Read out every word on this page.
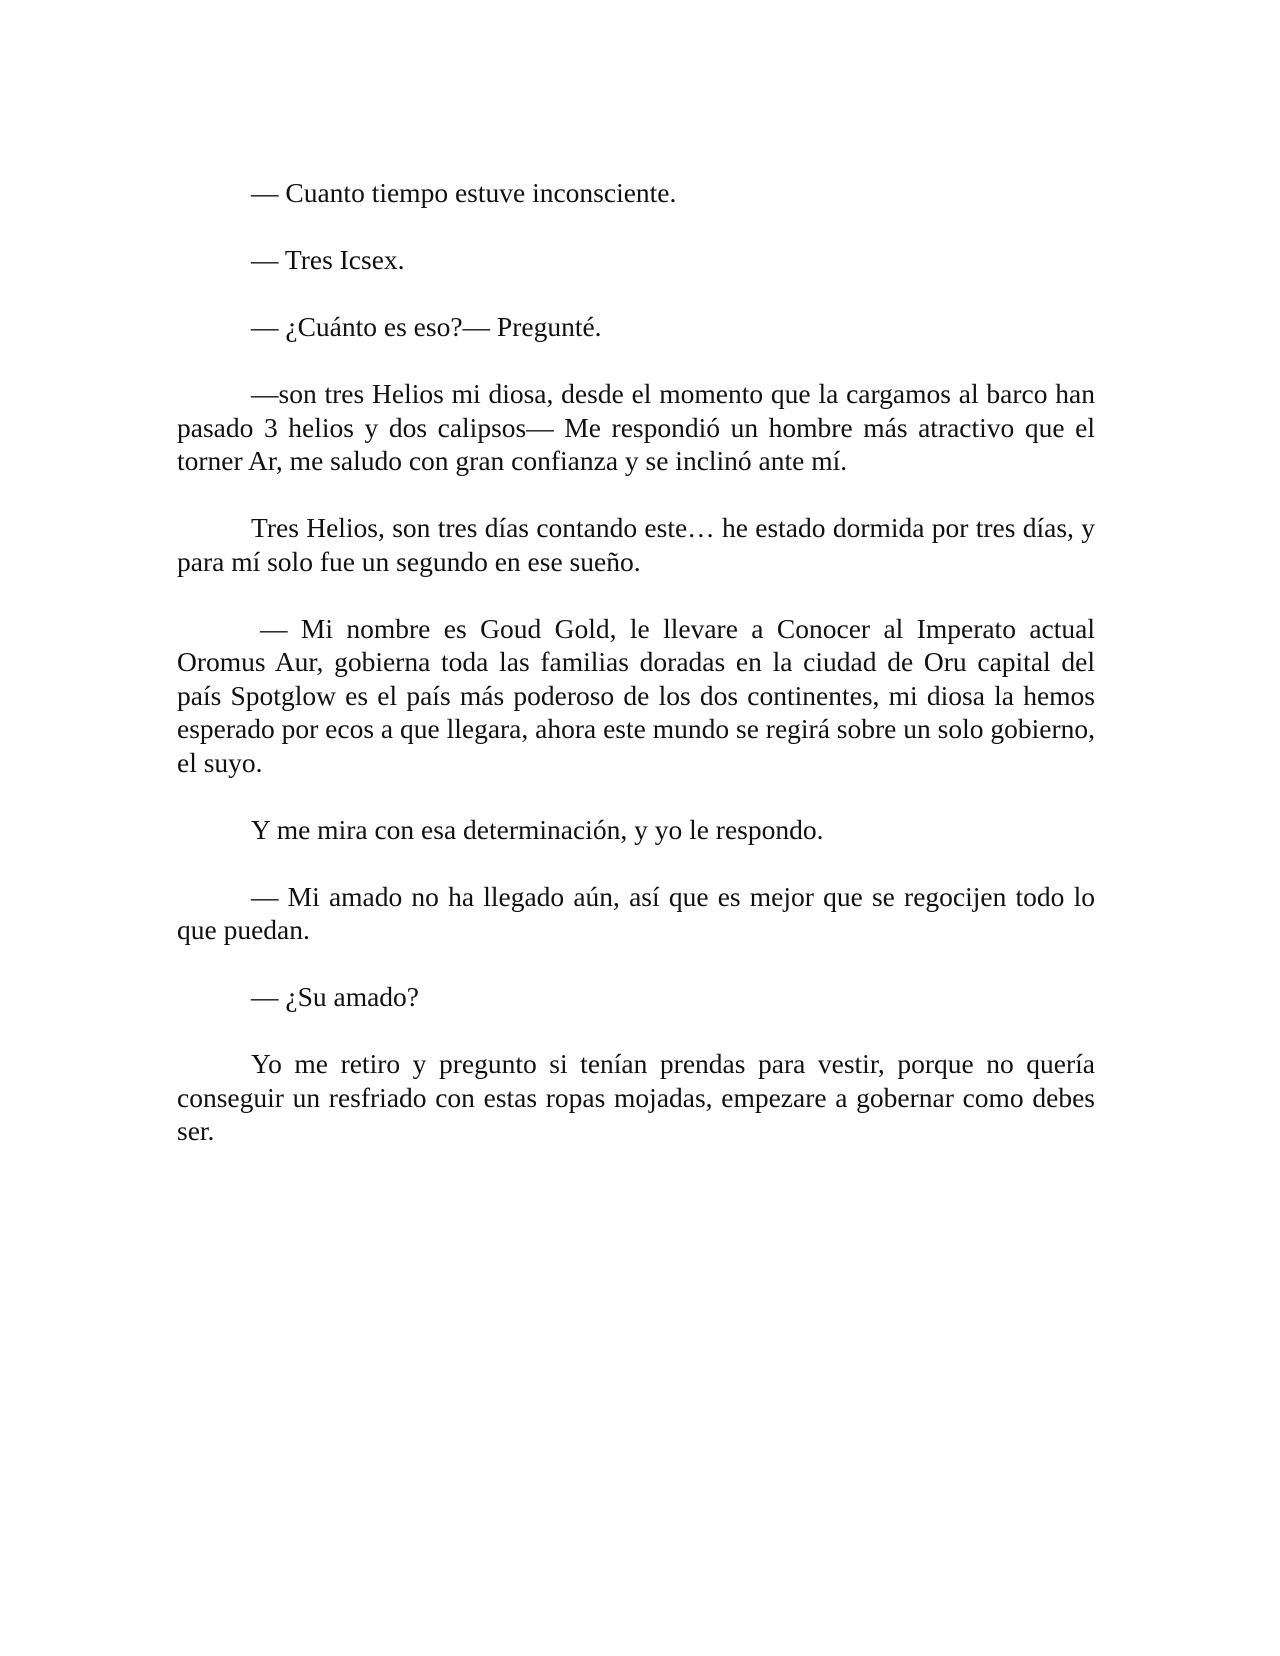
— Cuanto tiempo estuve inconsciente.

— Tres Icsex.

— ¿Cuánto es eso?— Pregunté.

—son tres Helios mi diosa, desde el momento que la cargamos al barco han pasado 3 helios y dos calipsos— Me respondió un hombre más atractivo que el torner Ar, me saludo con gran confianza y se inclinó ante mí.

Tres Helios, son tres días contando este… he estado dormida por tres días, y para mí solo fue un segundo en ese sueño.

— Mi nombre es Goud Gold, le llevare a Conocer al Imperato actual Oromus Aur, gobierna toda las familias doradas en la ciudad de Oru capital del país Spotglow es el país más poderoso de los dos continentes, mi diosa la hemos esperado por ecos a que llegara, ahora este mundo se regirá sobre un solo gobierno, el suyo.

Y me mira con esa determinación, y yo le respondo.

— Mi amado no ha llegado aún, así que es mejor que se regocijen todo lo que puedan.

— ¿Su amado?

Yo me retiro y pregunto si tenían prendas para vestir, porque no quería conseguir un resfriado con estas ropas mojadas, empezare a gobernar como debes ser.
